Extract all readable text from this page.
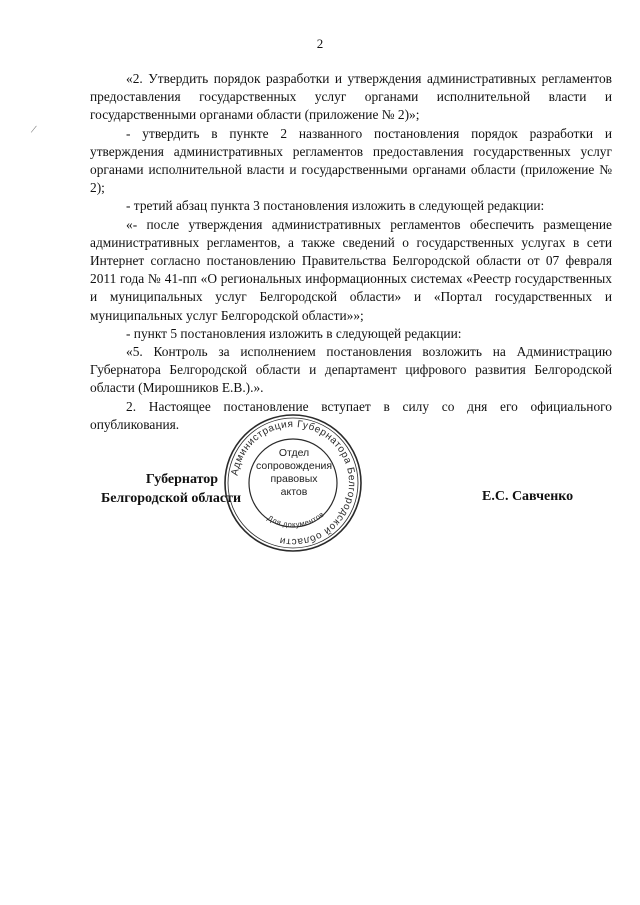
2
/

«2. Утвердить порядок разработки и утверждения административных регламентов предоставления государственных услуг органами исполнительной власти и государственными органами области (приложение № 2)»;

- утвердить в пункте 2 названного постановления порядок разработки и утверждения административных регламентов предоставления государственных услуг органами исполнительной власти и государственными органами области (приложение № 2);

- третий абзац пункта 3 постановления изложить в следующей редакции:

«- после утверждения административных регламентов обеспечить размещение административных регламентов, а также сведений о государственных услугах в сети Интернет согласно постановлению Правительства Белгородской области от 07 февраля 2011 года № 41-пп «О региональных информационных системах «Реестр государственных и муниципальных услуг Белгородской области» и «Портал государственных и муниципальных услуг Белгородской области»»;

- пункт 5 постановления изложить в следующей редакции:

«5. Контроль за исполнением постановления возложить на Администрацию Губернатора Белгородской области и департамент цифрового развития Белгородской области (Мирошников Е.В.).».

2. Настоящее постановление вступает в силу со дня его официального опубликования.

Губернатор
Белгородской области	Е.С. Савченко
Администрация Губернатора Белгородской области
Для документов
Отдел
сопровождения
правовых
актов
